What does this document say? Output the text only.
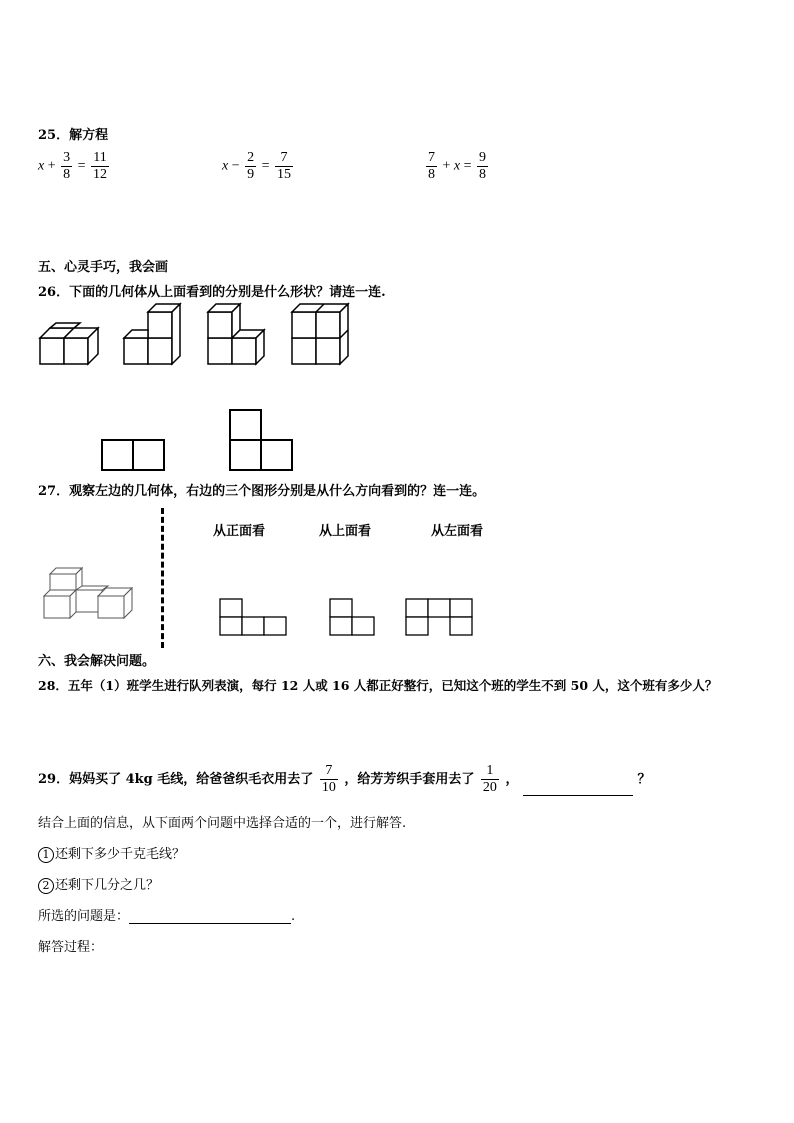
25．解方程
$x + \frac{3}{8} = \frac{11}{12}$	$x - \frac{2}{9} = \frac{7}{15}$	$\frac{7}{8} + x = \frac{9}{8}$
五、心灵手巧，我会画
26．下面的几何体从上面看到的分别是什么形状？请连一连.
27．观察左边的几何体，右边的三个图形分别是从什么方向看到的？连一连。
从正面看	从上面看	从左面看
六、我会解决问题。
28．五年（1）班学生进行队列表演，每行 12 人或 16 人都正好整行，已知这个班的学生不到 50 人，这个班有多少人？
29．妈妈买了 4kg 毛线，给爸爸织毛衣用去了 $\frac{7}{10}$ ，给芳芳织手套用去了 $\frac{1}{20}$ ，	？
结合上面的信息，从下面两个问题中选择合适的一个，进行解答.
1 还剩下多少千克毛线？
2 还剩下几分之几？
所选的问题是：	.
解答过程：
